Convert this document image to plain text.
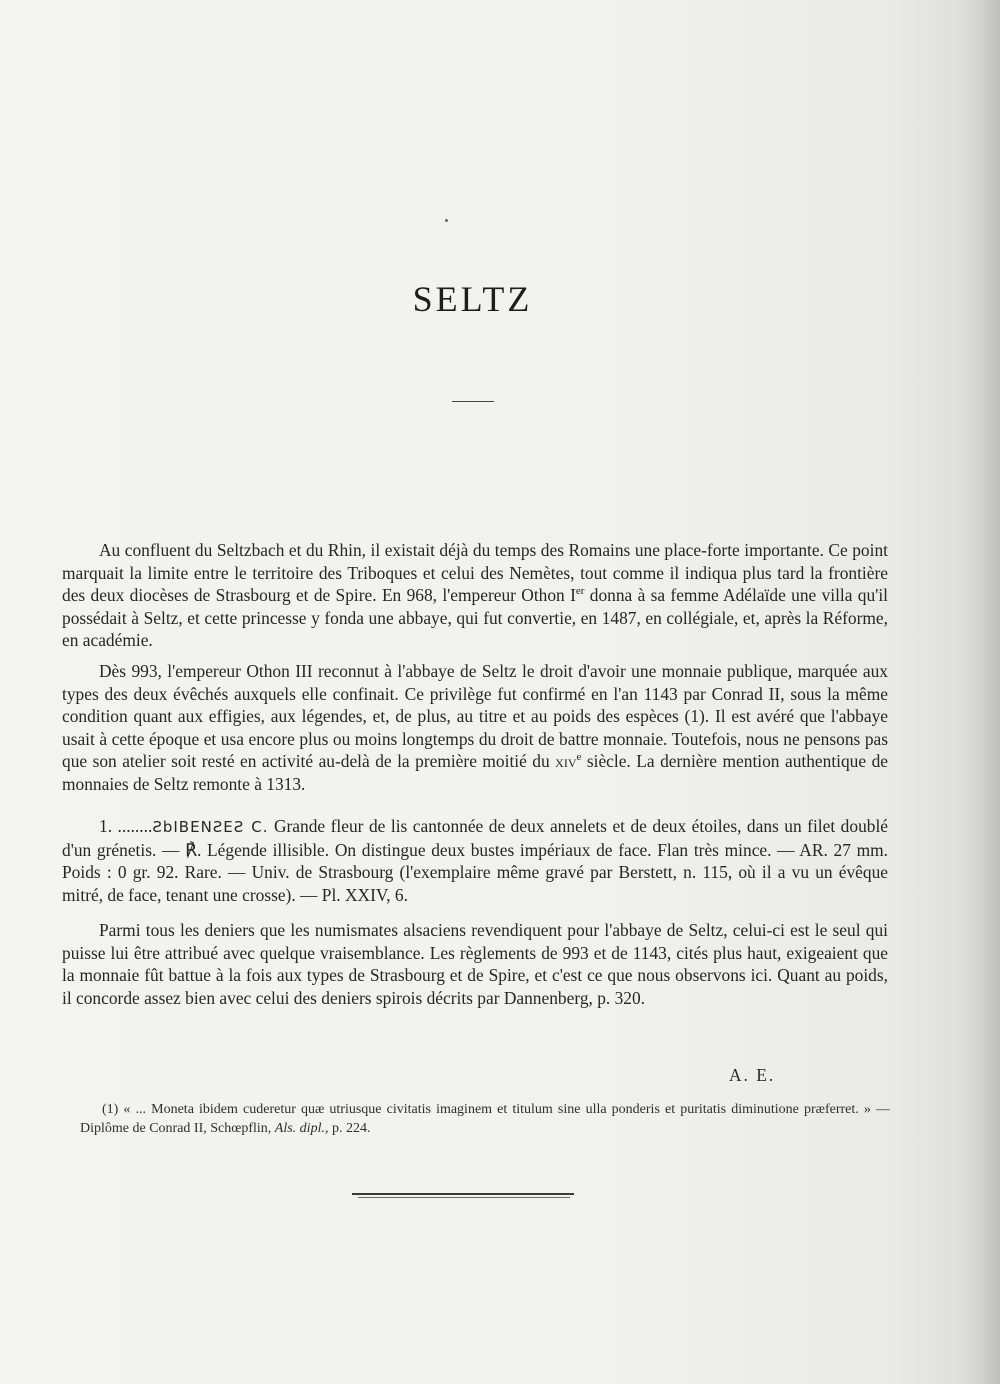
SELTZ

Au confluent du Seltzbach et du Rhin, il existait déjà du temps des Romains une place-forte importante. Ce point marquait la limite entre le territoire des Triboques et celui des Nemètes, tout comme il indiqua plus tard la frontière des deux diocèses de Strasbourg et de Spire. En 968, l'empereur Othon Ier donna à sa femme Adélaïde une villa qu'il possédait à Seltz, et cette princesse y fonda une abbaye, qui fut convertie, en 1487, en collégiale, et, après la Réforme, en académie.

Dès 993, l'empereur Othon III reconnut à l'abbaye de Seltz le droit d'avoir une monnaie publique, marquée aux types des deux évêchés auxquels elle confinait. Ce privilège fut confirmé en l'an 1143 par Conrad II, sous la même condition quant aux effigies, aux légendes, et, de plus, au titre et au poids des espèces (1). Il est avéré que l'abbaye usait à cette époque et usa encore plus ou moins longtemps du droit de battre monnaie. Toutefois, nous ne pensons pas que son atelier soit resté en activité au-delà de la première moitié du xiv$^e$ siècle. La dernière mention authentique de monnaies de Seltz remonte à 1313.

1. ........ƧbIBENƧEƧ C. Grande fleur de lis cantonnée de deux annelets et de deux étoiles, dans un filet doublé d'un grénetis. — ℟. Légende illisible. On distingue deux bustes impériaux de face. Flan très mince. — AR. 27 mm. Poids : 0 gr. 92. Rare. — Univ. de Strasbourg (l'exemplaire même gravé par Berstett, n. 115, où il a vu un évêque mitré, de face, tenant une crosse). — Pl. XXIV, 6.

Parmi tous les deniers que les numismates alsaciens revendiquent pour l'abbaye de Seltz, celui-ci est le seul qui puisse lui être attribué avec quelque vraisemblance. Les règlements de 993 et de 1143, cités plus haut, exigeaient que la monnaie fût battue à la fois aux types de Strasbourg et de Spire, et c'est ce que nous observons ici. Quant au poids, il concorde assez bien avec celui des deniers spirois décrits par Dannenberg, p. 320.

A. E.

(1) « ... Moneta ibidem cuderetur quæ utriusque civitatis imaginem et titulum sine ulla ponderis et puritatis diminutione præferret. » — Diplôme de Conrad II, Schœpflin, Als. dipl., p. 224.
